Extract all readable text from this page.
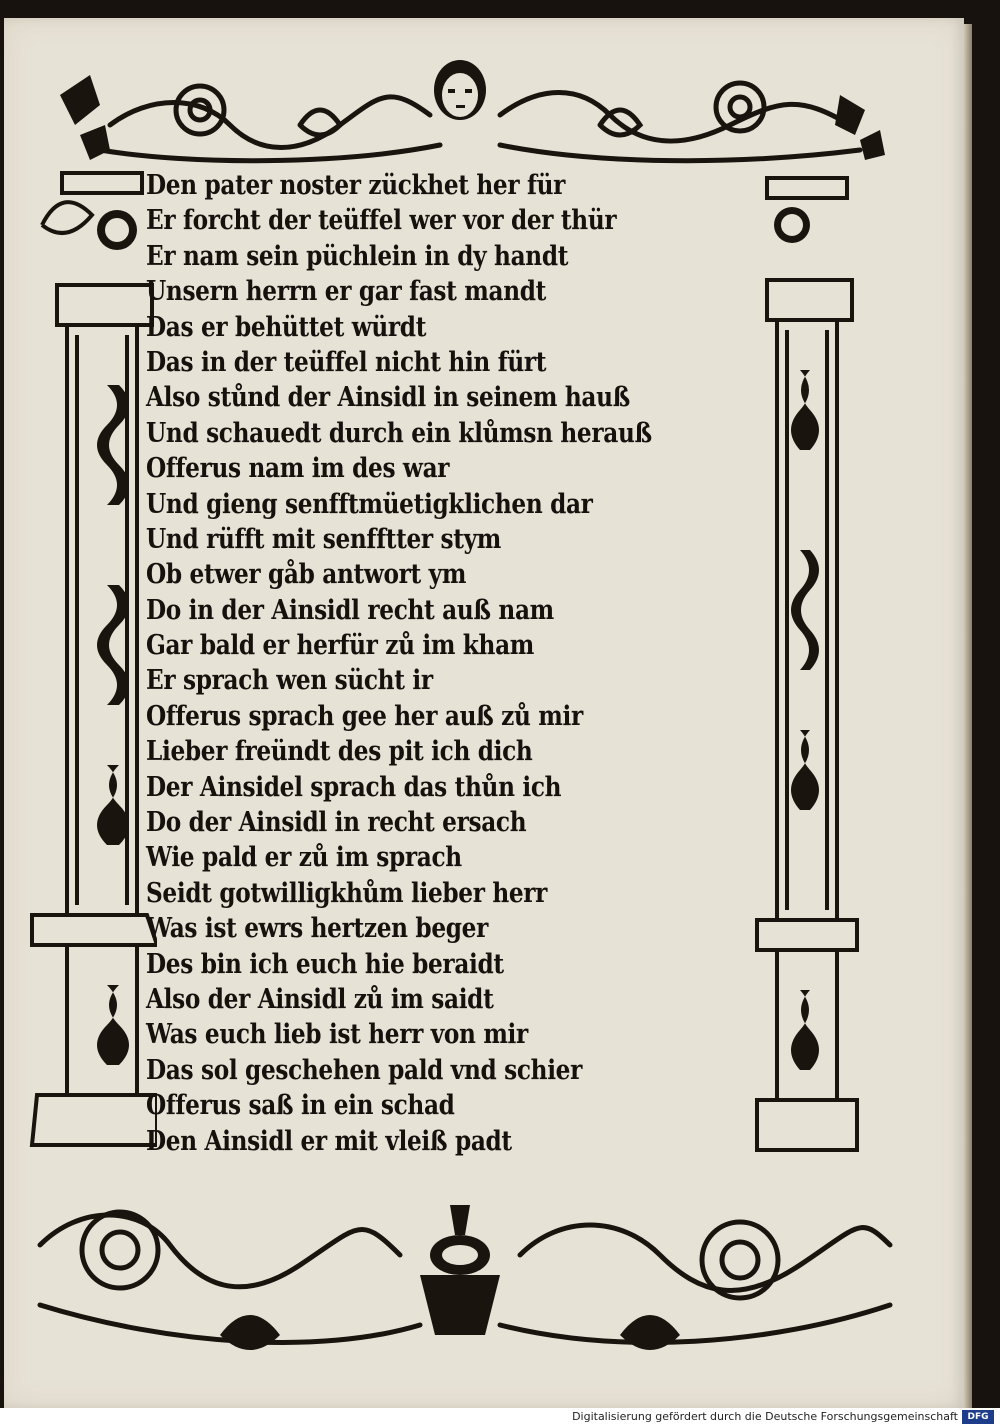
Den pater noster zückhet her für
Er forcht der teüffel wer vor der thür
Er nam sein püchlein in dy handt
Unsern herrn er gar fast mandt
Das er behüttet würdt
Das in der teüffel nicht hin fürt
Also stůnd der Ainsidl in seinem hauß
Und schauedt durch ein klůmsn herauß
Offerus nam im des war
Und gieng senfftmüetigklichen dar
Und rüfft mit senfftter stym
Ob etwer gåb antwort ym
Do in der Ainsidl recht auß nam
Gar bald er herfür zů im kham
Er sprach wen sücht ir
Offerus sprach gee her auß zů mir
Lieber freündt des pit ich dich
Der Ainsidel sprach das thůn ich
Do der Ainsidl in recht ersach
Wie pald er zů im sprach
Seidt gotwilligkhům lieber herr
Was ist ewrs hertzen beger
Des bin ich euch hie beraidt
Also der Ainsidl zů im saidt
Was euch lieb ist herr von mir
Das sol geschehen pald vnd schier
Offerus saß in ein schad
Den Ainsidl er mit vleiß padt
Digitalisierung gefördert durch die Deutsche Forschungsgemeinschaft	DFG
